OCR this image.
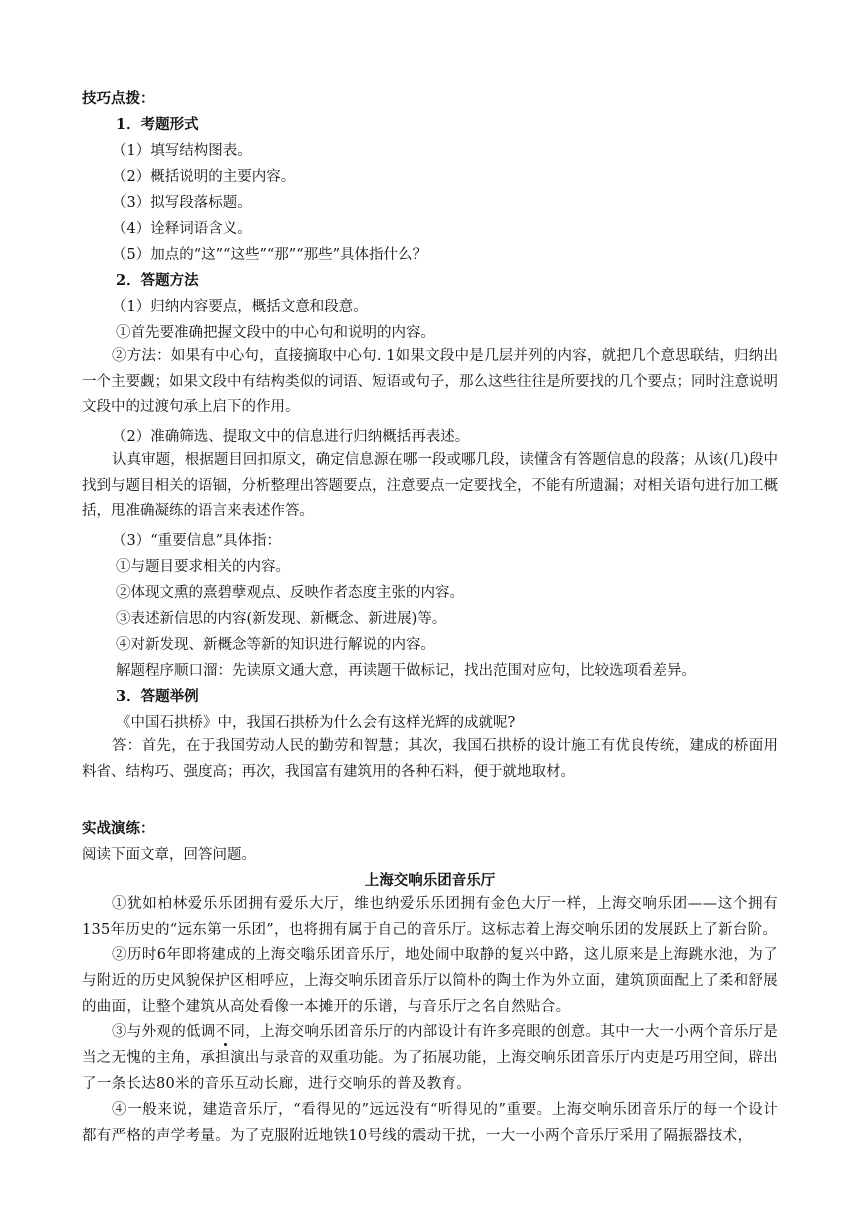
技巧点拨：
1．考题形式
（1）填写结构图表。
（2）概括说明的主要内容。
（3）拟写段落标题。
（4）诠释词语含义。
（5）加点的“这”“这些”“那”“那些”具体指什么？
2．答题方法
（1）归纳内容要点，概括文意和段意。
①首先要准确把握文段中的中心句和说明的内容。
②方法：如果有中心句，直接摘取中心句. 1如果文段中是几层并列的内容，就把几个意思联结，归纳出一个主要觑；如果文段中有结构类似的词语、短语或句子，那么这些往往是所要找的几个要点；同时注意说明文段中的过渡句承上启下的作用。
（2）准确筛选、提取文中的信息进行归纳概括再表述。
认真审题，根据题目回扣原文，确定信息源在哪一段或哪几段，读懂含有答题信息的段落；从该(几)段中找到与题目相关的语锢，分析整理出答题要点，注意要点一定要找全，不能有所遗漏；对相关语句进行加工概括，甩准确凝练的语言来表述作答。
（3）“重要信息”具体指：
①与题目要求相关的内容。
②体现文熏的熹碧孽观点、反映作者态度主张的内容。
③表述新信思的内容(新发现、新概念、新进展)等。
④对新发现、新概念等新的知识进行解说的内容。
解题程序顺口溜：先读原文通大意，再读题干做标记，找出范围对应句，比较选项看差异。
3．答题举例
《中国石拱桥》中，我国石拱桥为什么会有这样光辉的成就呢?
答：首先，在于我国劳动人民的勤劳和智慧；其次，我国石拱桥的设计施工有优良传统，建成的桥面用料省、结构巧、强度高；再次，我国富有建筑用的各种石料，便于就地取材。
实战演练：
阅读下面文章，回答问题。
上海交响乐团音乐厅
①犹如柏林爱乐乐团拥有爱乐大厅，维也纳爱乐乐团拥有金色大厅一样，上海交响乐团——这个拥有135年历史的“远东第一乐团”，也将拥有属于自己的音乐厅。这标志着上海交响乐团的发展跃上了新台阶。
②历时6年即将建成的上海交嗡乐团音乐厅，地处闹中取静的复兴中路，这儿原来是上海跳水池，为了与附近的历史风貌保护区相呼应，上海交响乐团音乐厅以简朴的陶土作为外立面，建筑顶面配上了柔和舒展的曲面，让整个建筑从高处看像一本摊开的乐谱，与音乐厅之名自然贴合。
③与外观的低调不同，上海交响乐团音乐厅的内部设计有许多亮眼的创意。其中一大一小两个音乐厅是当之无愧的主角，承担演出与录音的双重功能。为了拓展功能，上海交响乐团音乐厅内吏是巧用空间，辟出了一条长达80米的音乐互动长廊，进行交响乐的普及教育。
④一般来说，建造音乐厅，“看得见的”远远没有“听得见的”重要。上海交响乐团音乐厅的每一个设计都有严格的声学考量。为了克服附近地铁10号线的震动干扰，一大一小两个音乐厅采用了隔振器技术，
